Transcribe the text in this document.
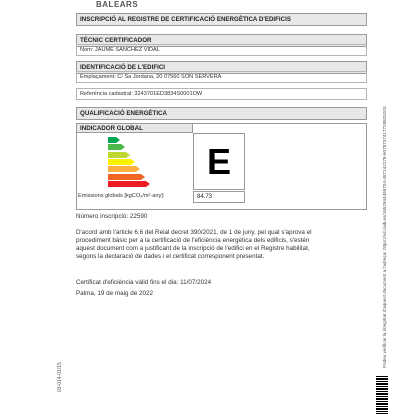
BALEARS
INSCRIPCIÓ AL REGISTRE DE CERTIFICACIÓ ENERGÈTICA D'EDIFICIS
TÈCNIC CERTIFICADOR
Nom: JAUME SANCHEZ VIDAL
IDENTIFICACIÓ DE L'EDIFICI
Emplaçament: C/ Sa Jordana, 20 07560 SON SERVERA
Referència cadastral: 3243701ED3834S0001OW
QUALIFICACIÓ ENERGÈTICA
INDICADOR GLOBAL
E
Emissions globals [kgCO₂/m²·any]:	84.73
Número inscripció: 22590
D'acord amb l'article 6.6 del Reial decret 390/2021, de 1 de juny, pel qual s'aprova el
procediment bàsic per a la certificació de l'eficiència energètica dels edificis, s'estén
aquest document com a justificant de la inscripció de l'edifici en el Registre habilitat,
segons la declaració de dades i el certificat corresponent presentat.
Certificat d'eficiència vàlid fins el dia: 11/07/2024
Palma, 19 de maig de 2022
03-014-01/15
Podeu verificar la integritat d'aquest document a l'adreça: https://vd.caib.es/1652944459704-487142278-6078737417728825203
